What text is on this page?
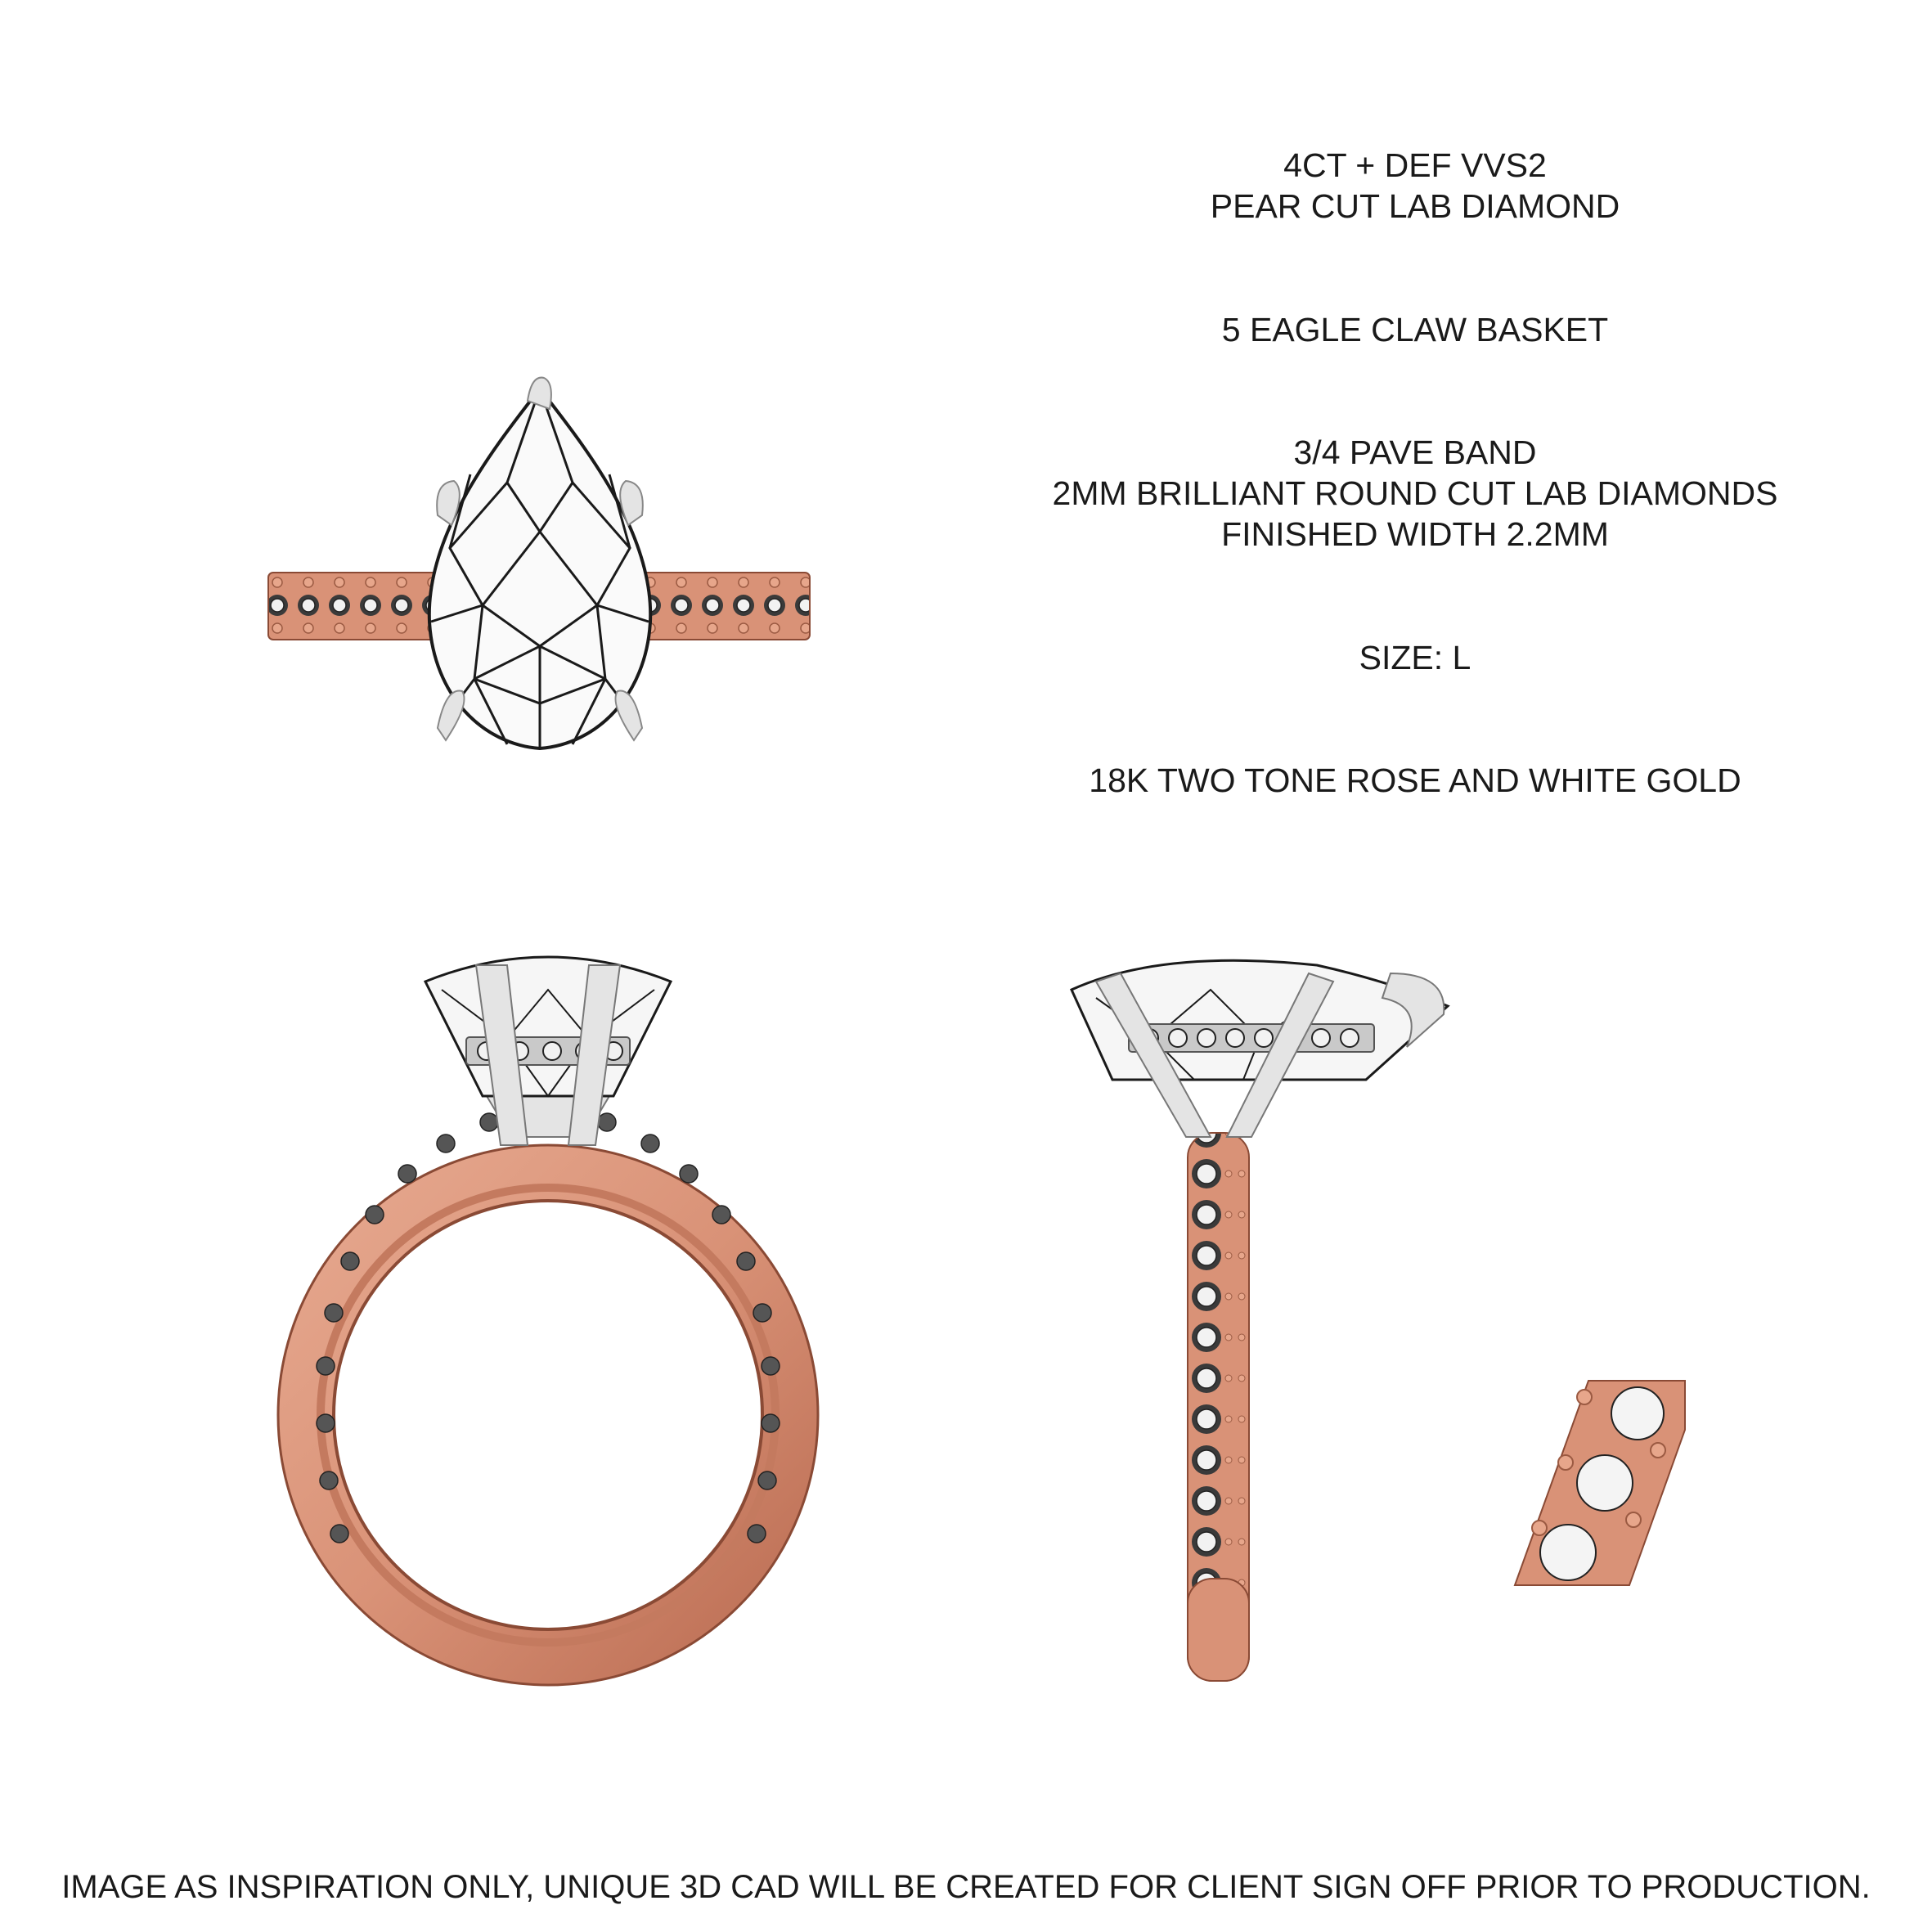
4CT + DEF VVS2
PEAR CUT LAB DIAMOND
5 EAGLE CLAW BASKET
3/4 PAVE BAND
2MM BRILLIANT ROUND CUT LAB DIAMONDS
FINISHED WIDTH 2.2MM
SIZE: L
18K TWO TONE ROSE AND WHITE GOLD
IMAGE AS INSPIRATION ONLY, UNIQUE 3D CAD WILL BE CREATED FOR CLIENT SIGN OFF PRIOR TO PRODUCTION.
